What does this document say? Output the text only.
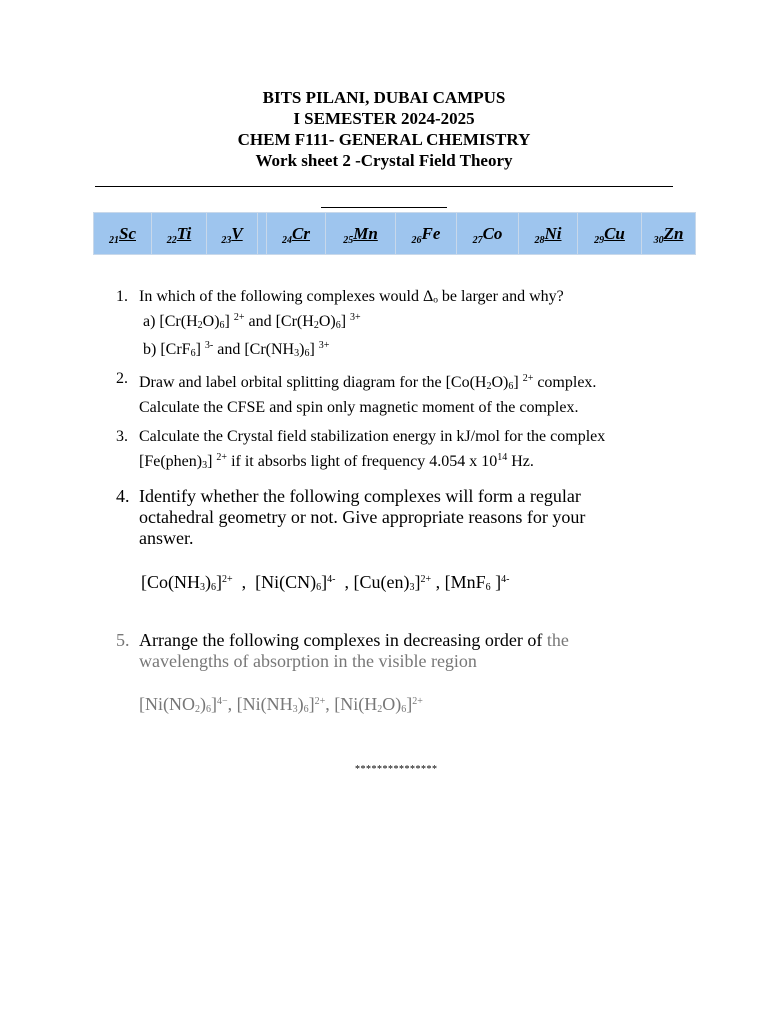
BITS PILANI, DUBAI CAMPUS
I SEMESTER 2024-2025
CHEM F111- GENERAL CHEMISTRY
Work sheet 2 -Crystal Field Theory
$_{21}$Sc	$_{22}$Ti	$_{23}$V		$_{24}$Cr	$_{25}$Mn	$_{26}$Fe	$_{27}$Co	$_{28}$Ni	$_{29}$Cu	$_{30}$Zn
1. In which of the following complexes would Δₒ be larger and why?
a) $[Cr(H_2O)_6]$ $^{2+}$ and $[Cr(H_2O)_6]$ $^{3+}$
b) [CrF$_6$] $^{3-}$ and $[Cr(NH_3)_6]$ $^{3+}$
2. Draw and label orbital splitting diagram for the $[Co(H_2O)_6]$ $^{2+}$ complex.
Calculate the CFSE and spin only magnetic moment of the complex.
3. Calculate the Crystal field stabilization energy in kJ/mol for the complex
$[Fe(phen)_3]$ $^{2+}$ if it absorbs light of frequency 4.054 x $10^{14}$ Hz.
4. Identify whether the following complexes will form a regular
octahedral geometry or not. Give appropriate reasons for your
answer.
$[Co(NH_3)_6]^{2+}$  ,  $[Ni(CN)_6]^{4-}$  , $[Cu(en)_3]^{2+}$ , [MnF$_6$ ]$^{4-}$
5. Arrange the following complexes in decreasing order of the
wavelengths of absorption in the visible region
$[Ni(NO_2)_6]^{4-}$, $[Ni(NH_3)_6]^{2+}$, $[Ni(H_2O)_6]^{2+}$
***************
